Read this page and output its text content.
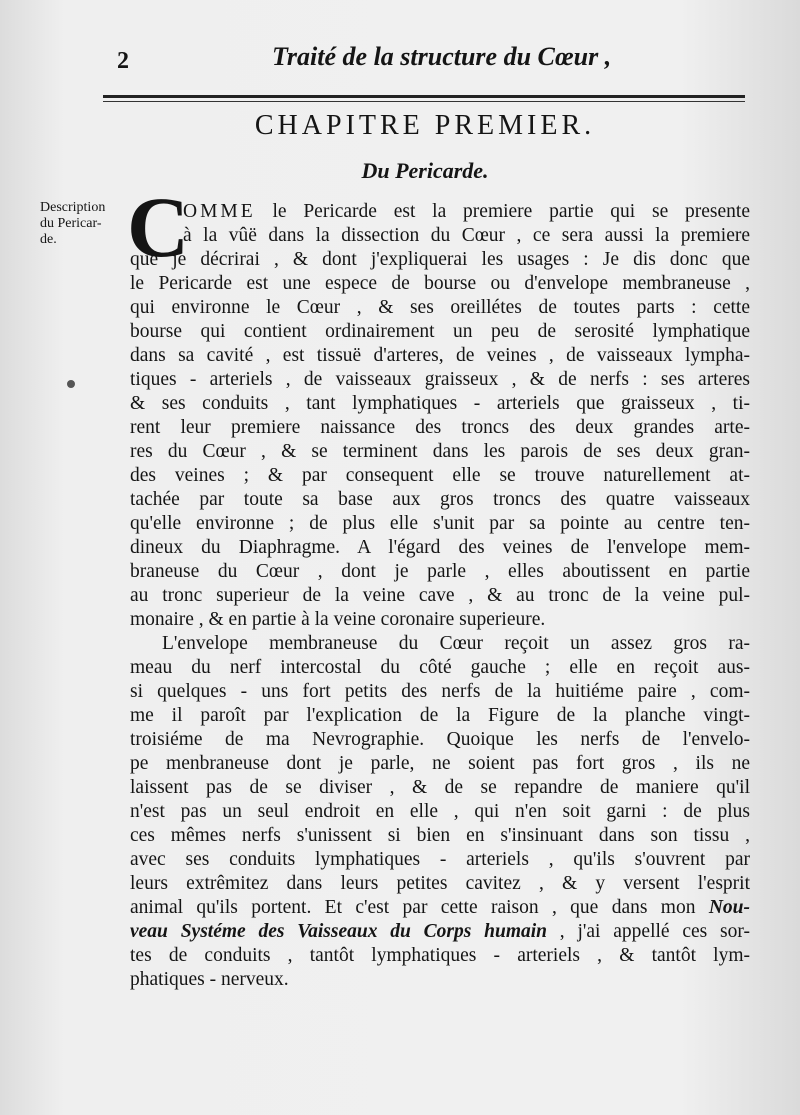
2	Traité de la structure du Cœur ,
CHAPITRE PREMIER.
Du Pericarde.
Description
du Pericar-
de. C
OMME le Pericarde est la premiere partie qui se presente
à la vûë dans la dissection du Cœur , ce sera aussi la premiere
que je décrirai , & dont j'expliquerai les usages : Je dis donc que
le Pericarde est une espece de bourse ou d'envelope membraneuse ,
qui environne le Cœur , & ses oreillétes de toutes parts : cette
bourse qui contient ordinairement un peu de serosité lymphatique
dans sa cavité , est tissuë d'arteres, de veines , de vaisseaux lympha-
tiques - arteriels , de vaisseaux graisseux , & de nerfs : ses arteres
& ses conduits , tant lymphatiques - arteriels que graisseux , ti-
rent leur premiere naissance des troncs des deux grandes arte-
res du Cœur , & se terminent dans les parois de ses deux gran-
des veines ; & par consequent elle se trouve naturellement at-
tachée par toute sa base aux gros troncs des quatre vaisseaux
qu'elle environne ; de plus elle s'unit par sa pointe au centre ten-
dineux du Diaphragme. A l'égard des veines de l'envelope mem-
braneuse du Cœur , dont je parle , elles aboutissent en partie
au tronc superieur de la veine cave , & au tronc de la veine pul-
monaire , & en partie à la veine coronaire superieure.
L'envelope membraneuse du Cœur reçoit un assez gros ra-
meau du nerf intercostal du côté gauche ; elle en reçoit aus-
si quelques - uns fort petits des nerfs de la huitiéme paire , com-
me il paroît par l'explication de la Figure de la planche vingt-
troisiéme de ma Nevrographie. Quoique les nerfs de l'envelo-
pe menbraneuse dont je parle, ne soient pas fort gros , ils ne
laissent pas de se diviser , & de se repandre de maniere qu'il
n'est pas un seul endroit en elle , qui n'en soit garni : de plus
ces mêmes nerfs s'unissent si bien en s'insinuant dans son tissu ,
avec ses conduits lymphatiques - arteriels , qu'ils s'ouvrent par
leurs extrêmitez dans leurs petites cavitez , & y versent l'esprit
animal qu'ils portent. Et c'est par cette raison , que dans mon Nou-
veau Systéme des Vaisseaux du Corps humain , j'ai appellé ces sor-
tes de conduits , tantôt lymphatiques - arteriels , & tantôt lym-
phatiques - nerveux.
